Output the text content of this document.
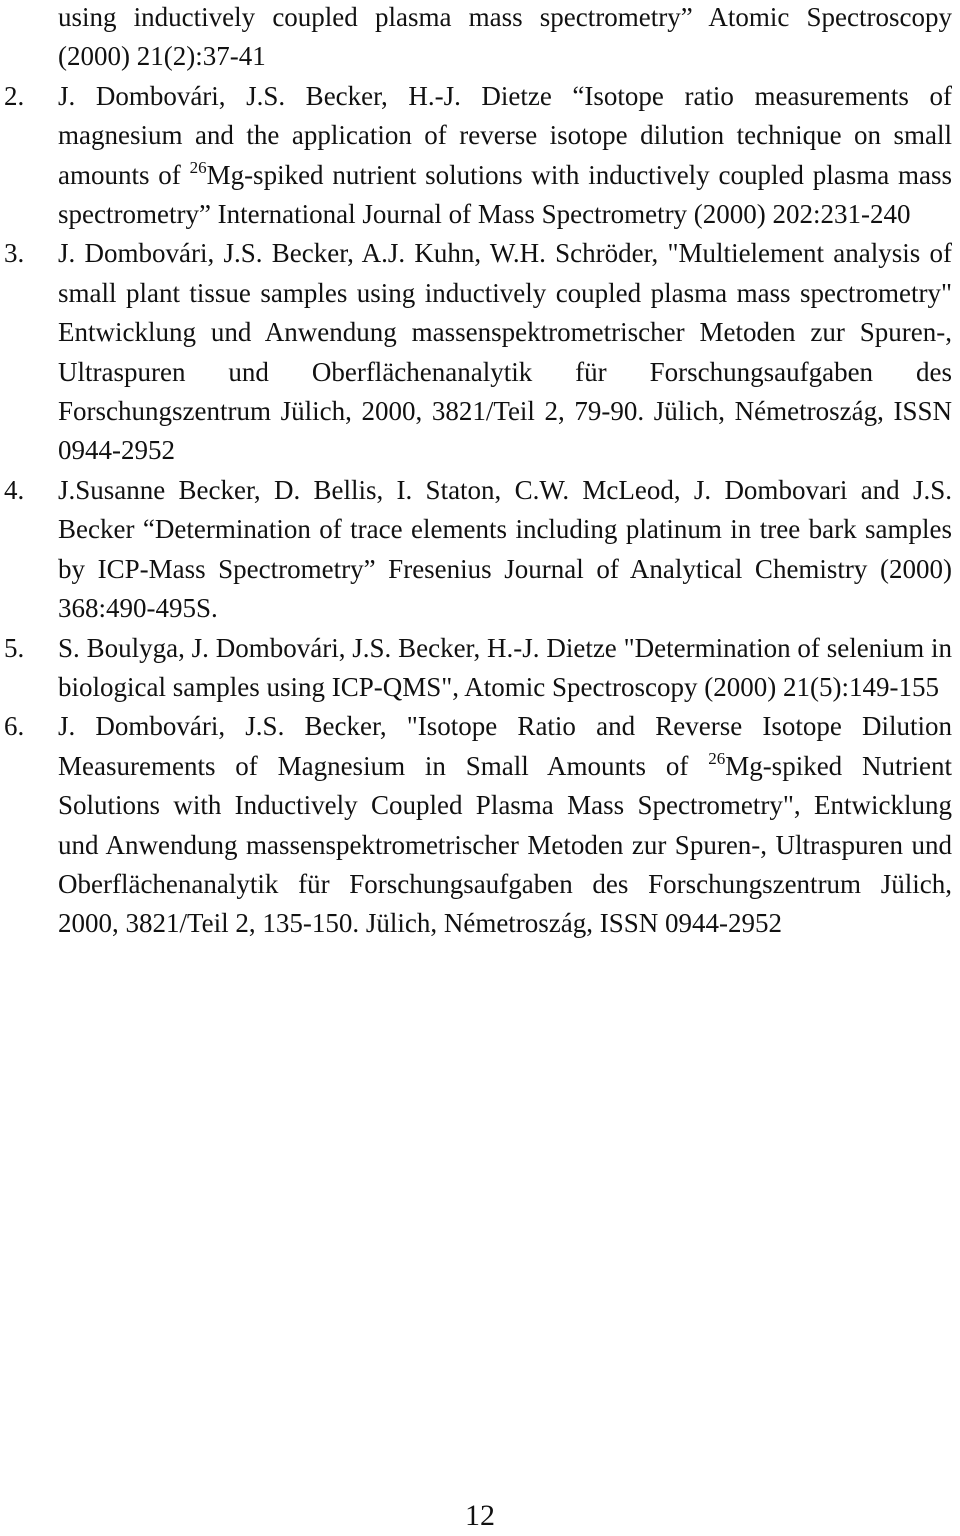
using inductively coupled plasma mass spectrometry” Atomic Spectroscopy (2000) 21(2):37-41
2. J. Dombovári, J.S. Becker, H.-J. Dietze “Isotope ratio measurements of magnesium and the application of reverse isotope dilution technique on small amounts of $^{26}$Mg-spiked nutrient solutions with inductively coupled plasma mass spectrometry” International Journal of Mass Spectrometry (2000) 202:231-240
3. J. Dombovári, J.S. Becker, A.J. Kuhn, W.H. Schröder, "Multielement analysis of small plant tissue samples using inductively coupled plasma mass spectrometry" Entwicklung und Anwendung massenspektrometrischer Metoden zur Spuren-, Ultraspuren und Oberflächenanalytik für Forschungsaufgaben des Forschungszentrum Jülich, 2000, 3821/Teil 2, 79-90. Jülich, Németroszág, ISSN 0944-2952
4. J.Susanne Becker, D. Bellis, I. Staton, C.W. McLeod, J. Dombovari and J.S. Becker “Determination of trace elements including platinum in tree bark samples by ICP-Mass Spectrometry” Fresenius Journal of Analytical Chemistry (2000) 368:490-495S.
5. S. Boulyga, J. Dombovári, J.S. Becker, H.-J. Dietze "Determination of selenium in biological samples using ICP-QMS", Atomic Spectroscopy (2000) 21(5):149-155
6. J. Dombovári, J.S. Becker, "Isotope Ratio and Reverse Isotope Dilution Measurements of Magnesium in Small Amounts of $^{26}$Mg-spiked Nutrient Solutions with Inductively Coupled Plasma Mass Spectrometry", Entwicklung und Anwendung massenspektrometrischer Metoden zur Spuren-, Ultraspuren und Oberflächenanalytik für Forschungsaufgaben des Forschungszentrum Jülich, 2000, 3821/Teil 2, 135-150. Jülich, Németroszág, ISSN 0944-2952
12
